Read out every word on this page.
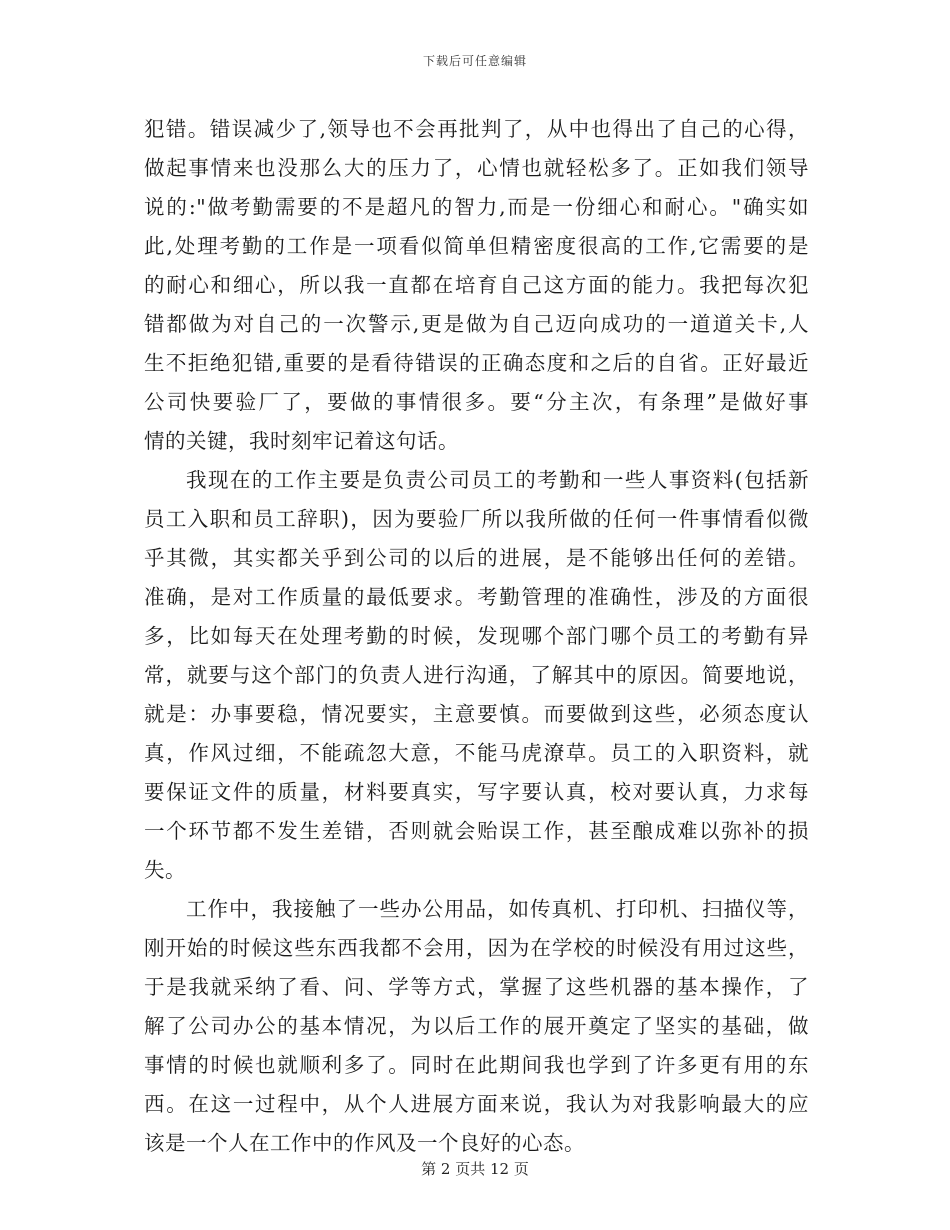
下载后可任意编辑

犯错。错误减少了,领导也不会再批判了，从中也得出了自己的心得，
做起事情来也没那么大的压力了，心情也就轻松多了。正如我们领导
说的:"做考勤需要的不是超凡的智力,而是一份细心和耐心。"确实如
此,处理考勤的工作是一项看似简单但精密度很高的工作,它需要的是
的耐心和细心，所以我一直都在培育自己这方面的能力。我把每次犯
错都做为对自己的一次警示,更是做为自己迈向成功的一道道关卡,人
生不拒绝犯错,重要的是看待错误的正确态度和之后的自省。正好最近
公司快要验厂了，要做的事情很多。要“分主次，有条理”是做好事
情的关键，我时刻牢记着这句话。

我现在的工作主要是负责公司员工的考勤和一些人事资料(包括新
员工入职和员工辞职)，因为要验厂所以我所做的任何一件事情看似微
乎其微，其实都关乎到公司的以后的进展，是不能够出任何的差错。
准确，是对工作质量的最低要求。考勤管理的准确性，涉及的方面很
多，比如每天在处理考勤的时候，发现哪个部门哪个员工的考勤有异
常，就要与这个部门的负责人进行沟通，了解其中的原因。简要地说，
就是：办事要稳，情况要实，主意要慎。而要做到这些，必须态度认
真，作风过细，不能疏忽大意，不能马虎潦草。员工的入职资料，就
要保证文件的质量，材料要真实，写字要认真，校对要认真，力求每
一个环节都不发生差错，否则就会贻误工作，甚至酿成难以弥补的损
失。

工作中，我接触了一些办公用品，如传真机、打印机、扫描仪等，
刚开始的时候这些东西我都不会用，因为在学校的时候没有用过这些，
于是我就采纳了看、问、学等方式，掌握了这些机器的基本操作，了
解了公司办公的基本情况，为以后工作的展开奠定了坚实的基础，做
事情的时候也就顺利多了。同时在此期间我也学到了许多更有用的东
西。在这一过程中，从个人进展方面来说，我认为对我影响最大的应
该是一个人在工作中的作风及一个良好的心态。

第 2 页共 12 页
